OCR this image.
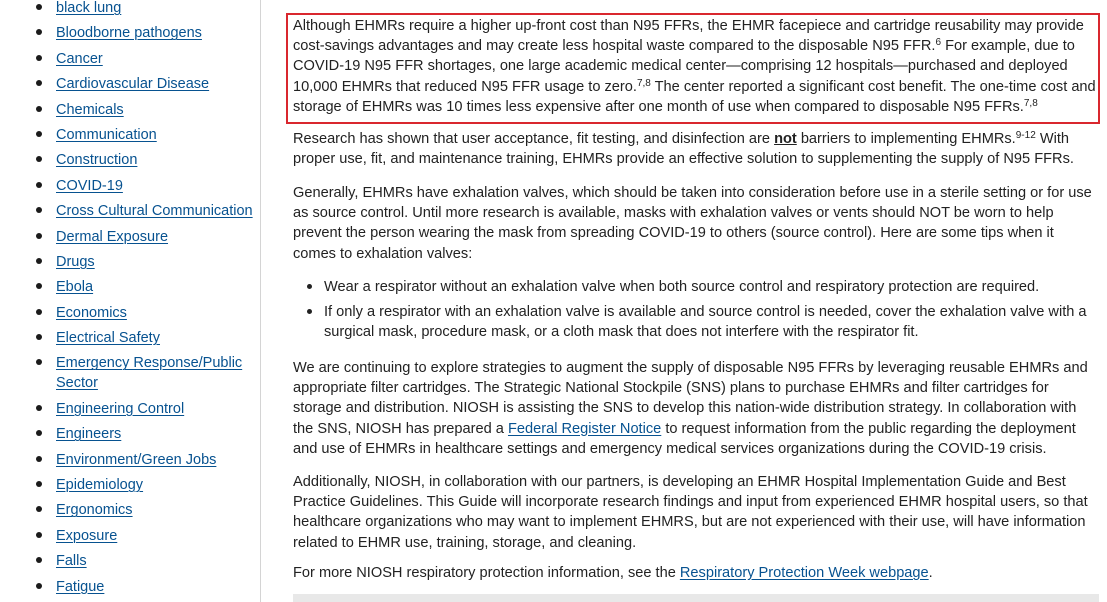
black lung
Bloodborne pathogens
Cancer
Cardiovascular Disease
Chemicals
Communication
Construction
COVID-19
Cross Cultural Communication
Dermal Exposure
Drugs
Ebola
Economics
Electrical Safety
Emergency Response/Public Sector
Engineering Control
Engineers
Environment/Green Jobs
Epidemiology
Ergonomics
Exposure
Falls
Fatigue

Although EHMRs require a higher up-front cost than N95 FFRs, the EHMR facepiece and cartridge reusability may provide cost-savings advantages and may create less hospital waste compared to the disposable N95 FFR.$^6$ For example, due to COVID-19 N95 FFR shortages, one large academic medical center—comprising 12 hospitals—purchased and deployed 10,000 EHMRs that reduced N95 FFR usage to zero.$^{7,8}$ The center reported a significant cost benefit. The one-time cost and storage of EHMRs was 10 times less expensive after one month of use when compared to disposable N95 FFRs.$^{7,8}$

Research has shown that user acceptance, fit testing, and disinfection are not barriers to implementing EHMRs.$^{9-12}$ With proper use, fit, and maintenance training, EHMRs provide an effective solution to supplementing the supply of N95 FFRs.

Generally, EHMRs have exhalation valves, which should be taken into consideration before use in a sterile setting or for use as source control. Until more research is available, masks with exhalation valves or vents should NOT be worn to help prevent the person wearing the mask from spreading COVID-19 to others (source control). Here are some tips when it comes to exhalation valves:

Wear a respirator without an exhalation valve when both source control and respiratory protection are required.
If only a respirator with an exhalation valve is available and source control is needed, cover the exhalation valve with a surgical mask, procedure mask, or a cloth mask that does not interfere with the respirator fit.

We are continuing to explore strategies to augment the supply of disposable N95 FFRs by leveraging reusable EHMRs and appropriate filter cartridges. The Strategic National Stockpile (SNS) plans to purchase EHMRs and filter cartridges for storage and distribution. NIOSH is assisting the SNS to develop this nation-wide distribution strategy. In collaboration with the SNS, NIOSH has prepared a Federal Register Notice to request information from the public regarding the deployment and use of EHMRs in healthcare settings and emergency medical services organizations during the COVID-19 crisis.

Additionally, NIOSH, in collaboration with our partners, is developing an EHMR Hospital Implementation Guide and Best Practice Guidelines. This Guide will incorporate research findings and input from experienced EHMR hospital users, so that healthcare organizations who may want to implement EHMRS, but are not experienced with their use, will have information related to EHMR use, training, storage, and cleaning.

For more NIOSH respiratory protection information, see the Respiratory Protection Week webpage.
